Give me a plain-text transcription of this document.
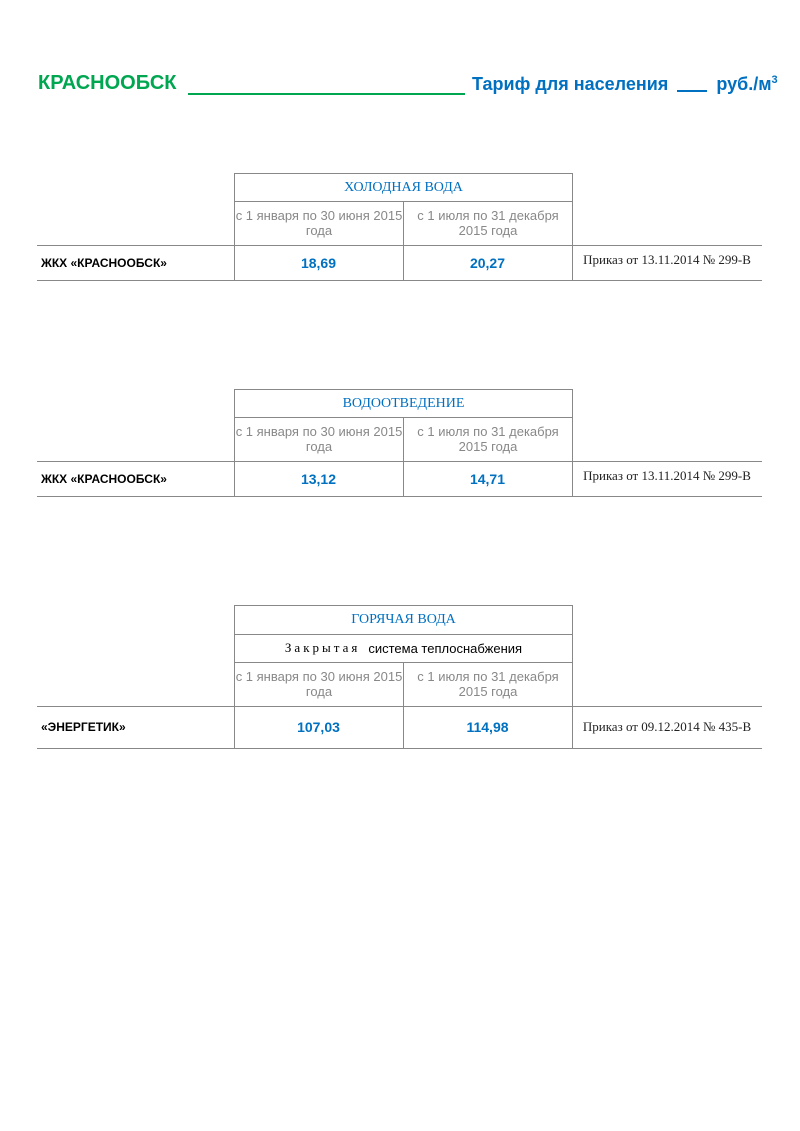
КРАСНООБСК	Тариф для населения	$руб./м^3$
ХОЛОДНАЯ ВОДА
с 1 января по 30 июня 2015 года
с 1 июля по 31 декабря 2015 года
ЖКХ «КРАСНООБСК»	18,69	20,27	Приказ от 13.11.2014 № 299-В
ВОДООТВЕДЕНИЕ
с 1 января по 30 июня 2015 года
с 1 июля по 31 декабря 2015 года
ЖКХ «КРАСНООБСК»	13,12	14,71	Приказ от 13.11.2014 № 299-В
ГОРЯЧАЯ ВОДА
Закрытая система теплоснабжения
с 1 января по 30 июня 2015 года
с 1 июля по 31 декабря 2015 года
«ЭНЕРГЕТИК»	107,03	114,98	Приказ от 09.12.2014 № 435-В
